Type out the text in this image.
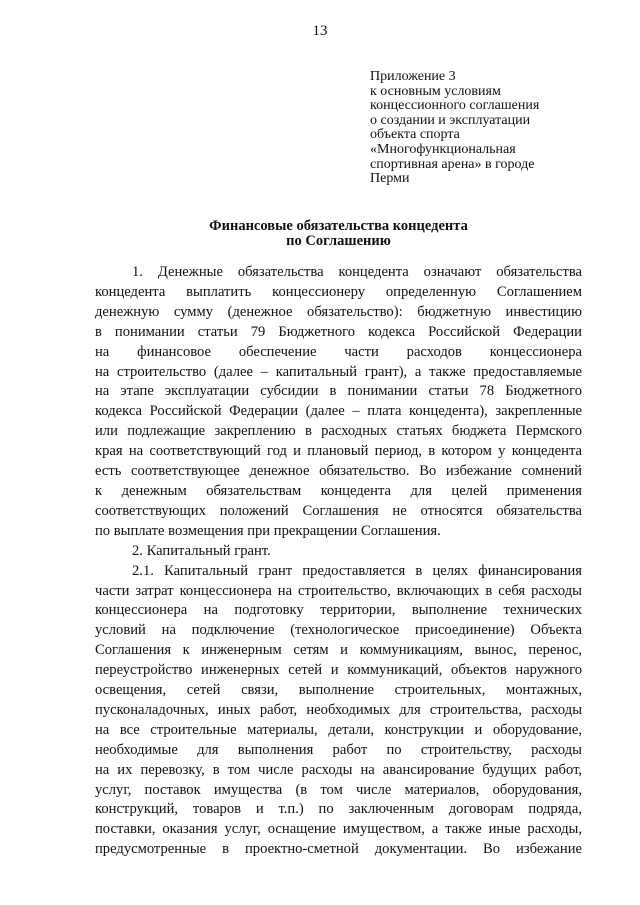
13
Приложение 3
к основным условиям
концессионного соглашения
о создании и эксплуатации
объекта спорта
«Многофункциональная
спортивная арена» в городе
Перми
Финансовые обязательства концедента
по Соглашению
1. Денежные обязательства концедента означают обязательства
концедента выплатить концессионеру определенную Соглашением
денежную сумму (денежное обязательство): бюджетную инвестицию
в понимании статьи 79 Бюджетного кодекса Российской Федерации
на финансовое обеспечение части расходов концессионера
на строительство (далее – капитальный грант), а также предоставляемые
на этапе эксплуатации субсидии в понимании статьи 78 Бюджетного
кодекса Российской Федерации (далее – плата концедента), закрепленные
или подлежащие закреплению в расходных статьях бюджета Пермского
края на соответствующий год и плановый период, в котором у концедента
есть соответствующее денежное обязательство. Во избежание сомнений
к денежным обязательствам концедента для целей применения
соответствующих положений Соглашения не относятся обязательства
по выплате возмещения при прекращении Соглашения.
2. Капитальный грант.
2.1. Капитальный грант предоставляется в целях финансирования
части затрат концессионера на строительство, включающих в себя расходы
концессионера на подготовку территории, выполнение технических
условий на подключение (технологическое присоединение) Объекта
Соглашения к инженерным сетям и коммуникациям, вынос, перенос,
переустройство инженерных сетей и коммуникаций, объектов наружного
освещения, сетей связи, выполнение строительных, монтажных,
пусконаладочных, иных работ, необходимых для строительства, расходы
на все строительные материалы, детали, конструкции и оборудование,
необходимые для выполнения работ по строительству, расходы
на их перевозку, в том числе расходы на авансирование будущих работ,
услуг, поставок имущества (в том числе материалов, оборудования,
конструкций, товаров и т.п.) по заключенным договорам подряда,
поставки, оказания услуг, оснащение имуществом, а также иные расходы,
предусмотренные в проектно-сметной документации. Во избежание
